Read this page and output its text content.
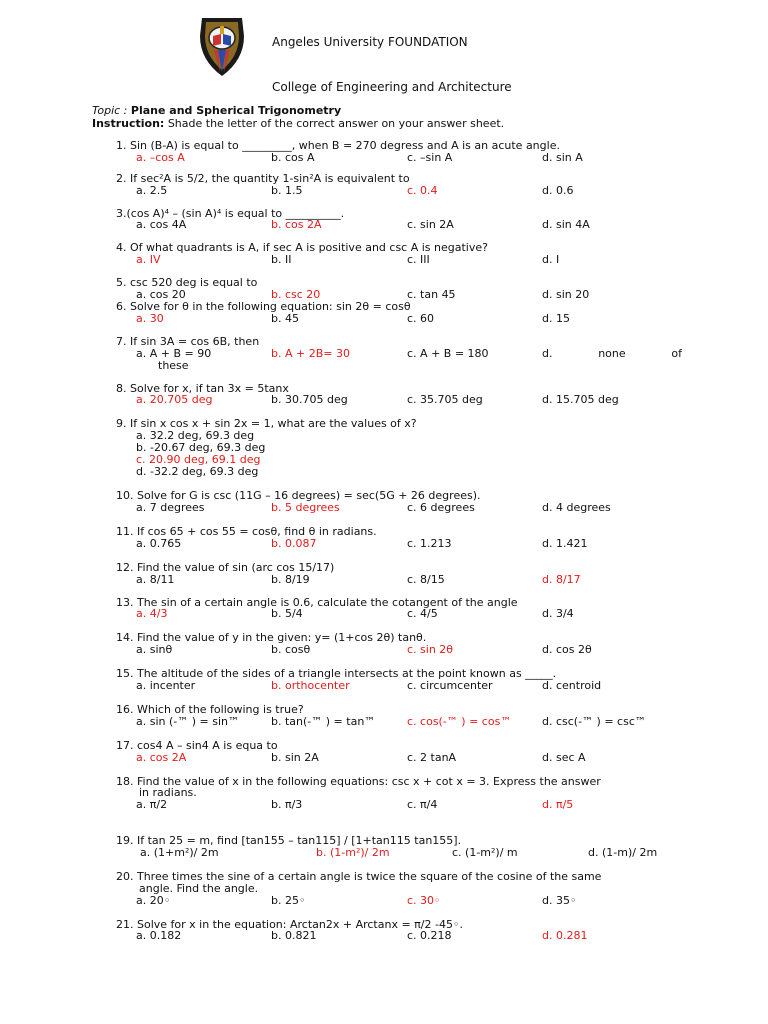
Angeles University FOUNDATION
College of Engineering and Architecture
Topic : Plane and Spherical Trigonometry
Instruction: Shade the letter of the correct answer on your answer sheet.
1. Sin (B-A) is equal to _________, when B = 270 degress and A is an acute angle.
a. –cos A	b. cos A	c. –sin A	d. sin A
2. If sec²A is 5/2, the quantity 1-sin²A is equivalent to
a. 2.5	b. 1.5	c. 0.4	d. 0.6
3.(cos A)⁴ – (sin A)⁴ is equal to __________.
a. cos 4A	b. cos 2A	c. sin 2A	d. sin 4A
4. Of what quadrants is A, if sec A is positive and csc A is negative?
a. IV	b. II	c. III	d. I
5. csc 520 deg is equal to
a. cos 20	b. csc 20	c. tan 45	d. sin 20
6. Solve for θ in the following equation: sin 2θ = cosθ
a. 30	b. 45	c. 60	d. 15
7. If sin 3A = cos 6B, then
a. A + B = 90	b. A + 2B= 30	c. A + B = 180	d.	none	of
these
8. Solve for x, if tan 3x = 5tanx
a. 20.705 deg	b. 30.705 deg	c. 35.705 deg	d. 15.705 deg
9. If sin x cos x + sin 2x = 1, what are the values of x?
a. 32.2 deg, 69.3 deg
b. -20.67 deg, 69.3 deg
c. 20.90 deg, 69.1 deg
d. -32.2 deg, 69.3 deg
10. Solve for G is csc (11G – 16 degrees) = sec(5G + 26 degrees).
a. 7 degrees	b. 5 degrees	c. 6 degrees	d. 4 degrees
11. If cos 65 + cos 55 = cosθ, find θ in radians.
a. 0.765	b. 0.087	c. 1.213	d. 1.421
12. Find the value of sin (arc cos 15/17)
a. 8/11	b. 8/19	c. 8/15	d. 8/17
13. The sin of a certain angle is 0.6, calculate the cotangent of the angle
a. 4/3	b. 5/4	c. 4/5	d. 3/4
14. Find the value of y in the given: y= (1+cos 2θ) tanθ.
a. sinθ	b. cosθ	c. sin 2θ	d. cos 2θ
15. The altitude of the sides of a triangle intersects at the point known as _____.
a. incenter	b. orthocenter	c. circumcenter	d. centroid
16. Which of the following is true?
a. sin (-™ ) = sin™	b. tan(-™ ) = tan™	c. cos(-™ ) = cos™	d. csc(-™ ) = csc™
17. cos4 A – sin4 A is equa to
a. cos 2A	b. sin 2A	c. 2 tanA	d. sec A
18. Find the value of x in the following equations: csc x + cot x = 3. Express the answer
in radians.
a. π/2	b. π/3	c. π/4	d. π/5
19. If tan 25 = m, find [tan155 – tan115] / [1+tan115 tan155].
a. (1+m²)/ 2m	b. (1-m²)/ 2m	c. (1-m²)/ m	d. (1-m)/ 2m
20. Three times the sine of a certain angle is twice the square of the cosine of the same
angle. Find the angle.
a. 20◦	b. 25◦	c. 30◦	d. 35◦
21. Solve for x in the equation: Arctan2x + Arctanx = π/2 -45◦.
a. 0.182	b. 0.821	c. 0.218	d. 0.281
